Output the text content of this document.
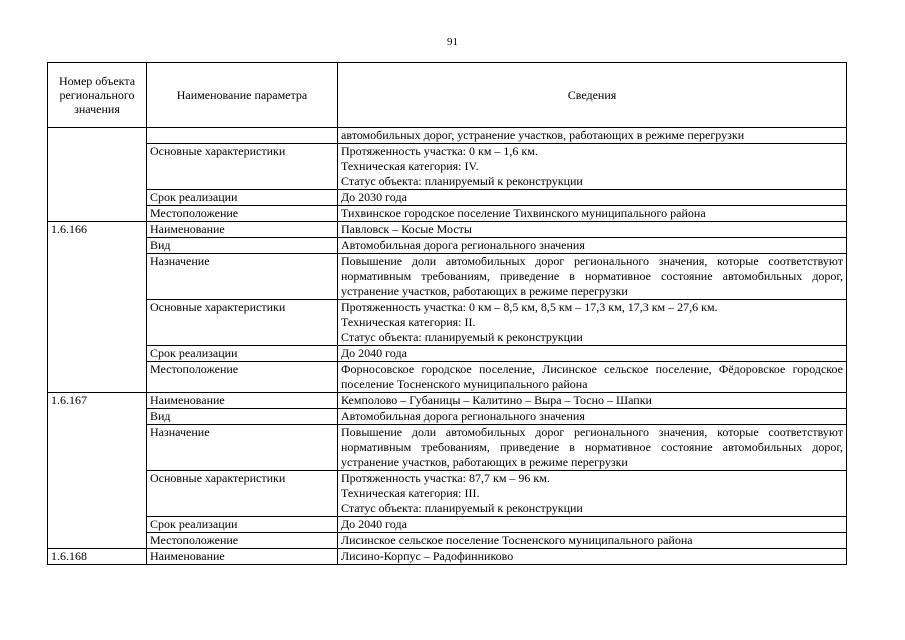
91
Номер объекта регионального значения	Наименование параметра	Сведения
		автомобильных дорог, устранение участков, работающих в режиме перегрузки
	Основные характеристики	Протяженность участка: 0 км – 1,6 км.
Техническая категория: IV.
Статус объекта: планируемый к реконструкции

	Срок реализации	До 2030 года
	Местоположение	Тихвинское городское поселение Тихвинского муниципального района
1.6.166	Наименование	Павловск – Косые Мосты
	Вид	Автомобильная дорога регионального значения
	Назначение	Повышение доли автомобильных дорог регионального значения, которые соответствуют нормативным требованиям, приведение в нормативное состояние автомобильных дорог, устранение участков, работающих в режиме перегрузки
	Основные характеристики	Протяженность участка: 0 км – 8,5 км, 8,5 км – 17,3 км, 17,3 км – 27,6 км.
Техническая категория: II.
Статус объекта: планируемый к реконструкции

	Срок реализации	До 2040 года
	Местоположение	Форносовское городское поселение, Лисинское сельское поселение, Фёдоровское городское поселение Тосненского муниципального района
1.6.167	Наименование	Кемполово – Губаницы – Калитино – Выра – Тосно – Шапки
	Вид	Автомобильная дорога регионального значения
	Назначение	Повышение доли автомобильных дорог регионального значения, которые соответствуют нормативным требованиям, приведение в нормативное состояние автомобильных дорог, устранение участков, работающих в режиме перегрузки
	Основные характеристики	Протяженность участка: 87,7 км – 96 км.
Техническая категория: III.
Статус объекта: планируемый к реконструкции

	Срок реализации	До 2040 года
	Местоположение	Лисинское сельское поселение Тосненского муниципального района
1.6.168	Наименование	Лисино-Корпус – Радофинниково
